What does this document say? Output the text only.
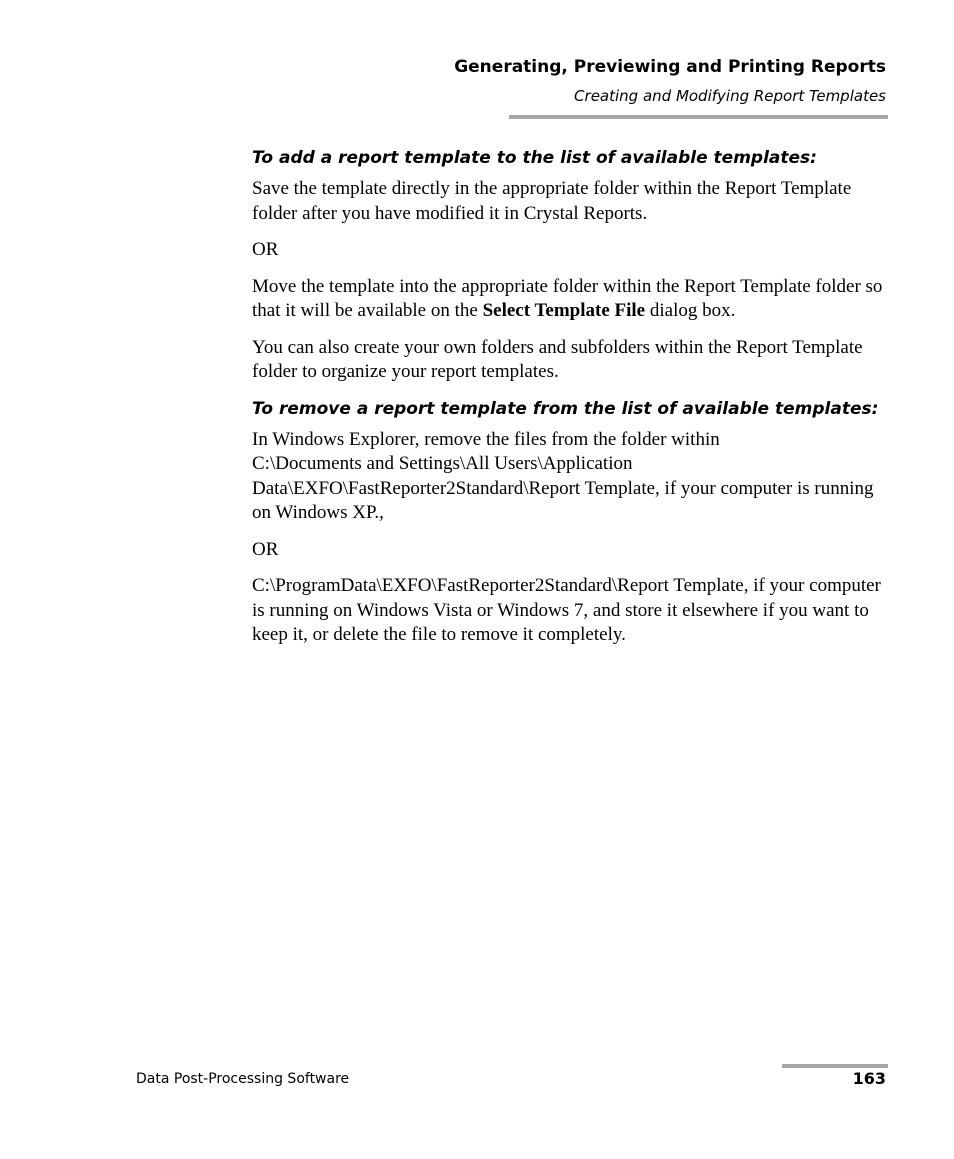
Generating, Previewing and Printing Reports
Creating and Modifying Report Templates
To add a report template to the list of available templates:

Save the template directly in the appropriate folder within the Report Template folder after you have modified it in Crystal Reports.

OR

Move the template into the appropriate folder within the Report Template folder so that it will be available on the Select Template File dialog box.

You can also create your own folders and subfolders within the Report Template folder to organize your report templates.

To remove a report template from the list of available templates:

In Windows Explorer, remove the files from the folder within
C:\Documents and Settings\All Users\Application
Data\EXFO\FastReporter2Standard\Report Template, if your computer is running on Windows XP.,

OR

C:\ProgramData\EXFO\FastReporter2Standard\Report Template, if your computer is running on Windows Vista or Windows 7, and store it elsewhere if you want to keep it, or delete the file to remove it completely.

Data Post-Processing Software	163
